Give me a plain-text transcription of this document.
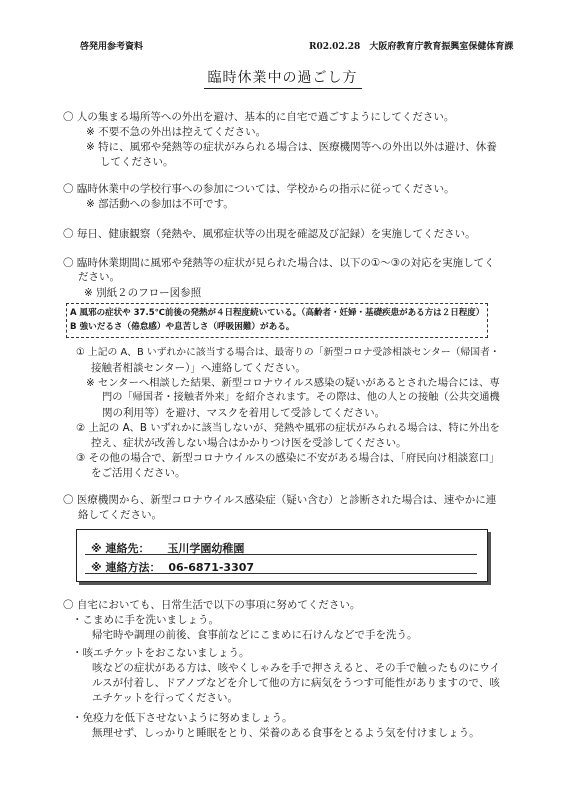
啓発用参考資料	R02.02.28　大阪府教育庁教育振興室保健体育課
臨時休業中の過ごし方
〇 人の集まる場所等への外出を避け、基本的に自宅で過ごすようにしてください。
※ 不要不急の外出は控えてください。
※ 特に、風邪や発熱等の症状がみられる場合は、医療機関等への外出以外は避け、休養
してください。
〇 臨時休業中の学校行事への参加については、学校からの指示に従ってください。
※ 部活動への参加は不可です。
〇 毎日、健康観察（発熱や、風邪症状等の出現を確認及び記録）を実施してください。
〇 臨時休業期間に風邪や発熱等の症状が見られた場合は、以下の①～③の対応を実施してく
ださい。
※ 別紙２のフロー図参照
A 風邪の症状や 37.5℃前後の発熱が４日程度続いている。（高齢者・妊婦・基礎疾患がある方は２日程度）
B 強いだるさ（倦怠感）や息苦しさ（呼吸困難）がある。
① 上記の A、B いずれかに該当する場合は、最寄りの「新型コロナ受診相談センター（帰国者・
接触者相談センター）」へ連絡してください。
※ センターへ相談した結果、新型コロナウイルス感染の疑いがあるとされた場合には、専
門の「帰国者・接触者外来」を紹介されます。その際は、他の人との接触（公共交通機
関の利用等）を避け、マスクを着用して受診してください。
② 上記の A、B いずれかに該当しないが、発熱や風邪の症状がみられる場合は、特に外出を
控え、症状が改善しない場合はかかりつけ医を受診してください。
③ その他の場合で、新型コロナウイルスの感染に不安がある場合は、「府民向け相談窓口」
をご活用ください。
〇 医療機関から、新型コロナウイルス感染症（疑い含む）と診断された場合は、速やかに連
絡してください。
※ 連絡先： 玉川学園幼稚園
※ 連絡方法： 06-6871-3307
〇 自宅においても、日常生活で以下の事項に努めてください。
・こまめに手を洗いましょう。
帰宅時や調理の前後、食事前などにこまめに石けんなどで手を洗う。
・咳エチケットをおこないましょう。
咳などの症状がある方は、咳やくしゃみを手で押さえると、その手で触ったものにウイ
ルスが付着し、ドアノブなどを介して他の方に病気をうつす可能性がありますので、咳
エチケットを行ってください。
・免疫力を低下させないように努めましょう。
無理せず、しっかりと睡眠をとり、栄養のある食事をとるよう気を付けましょう。
